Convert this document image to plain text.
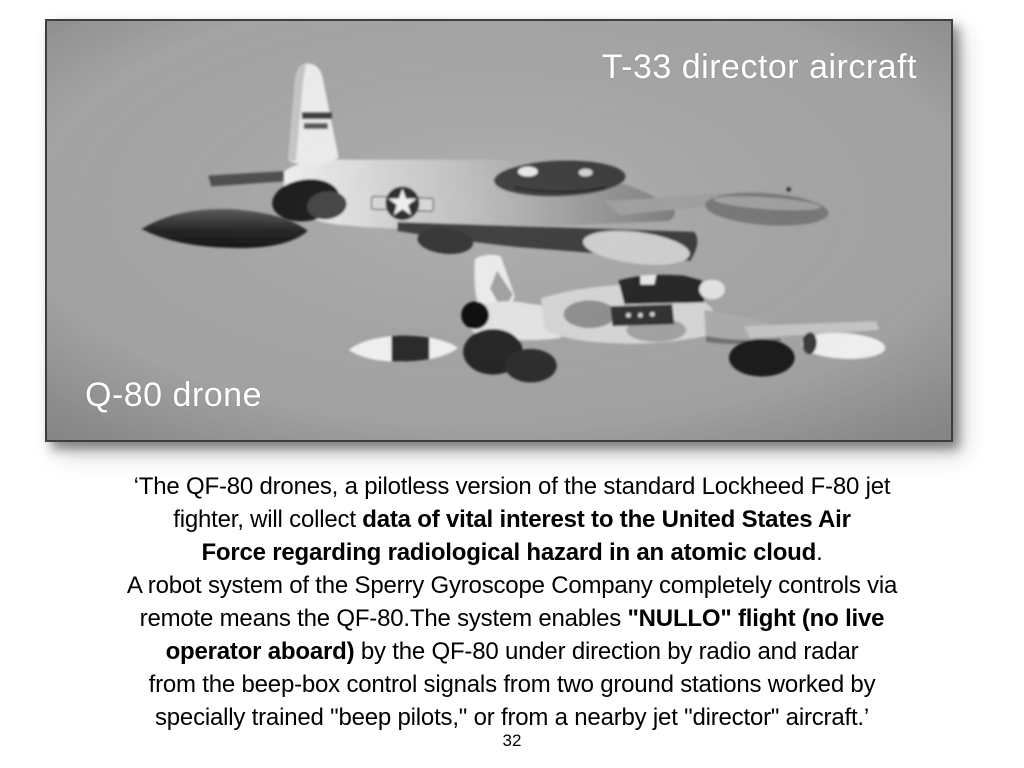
T-33 director aircraft
Q-80 drone
‘The QF-80 drones, a pilotless version of the standard Lockheed F-80 jet
fighter, will collect data of vital interest to the United States Air
Force regarding radiological hazard in an atomic cloud.
A robot system of the Sperry Gyroscope Company completely controls via
remote means the QF-80.The system enables "NULLO" flight (no live
operator aboard) by the QF-80 under direction by radio and radar
from the beep-box control signals from two ground stations worked by
specially trained "beep pilots," or from a nearby jet "director" aircraft.’
32
